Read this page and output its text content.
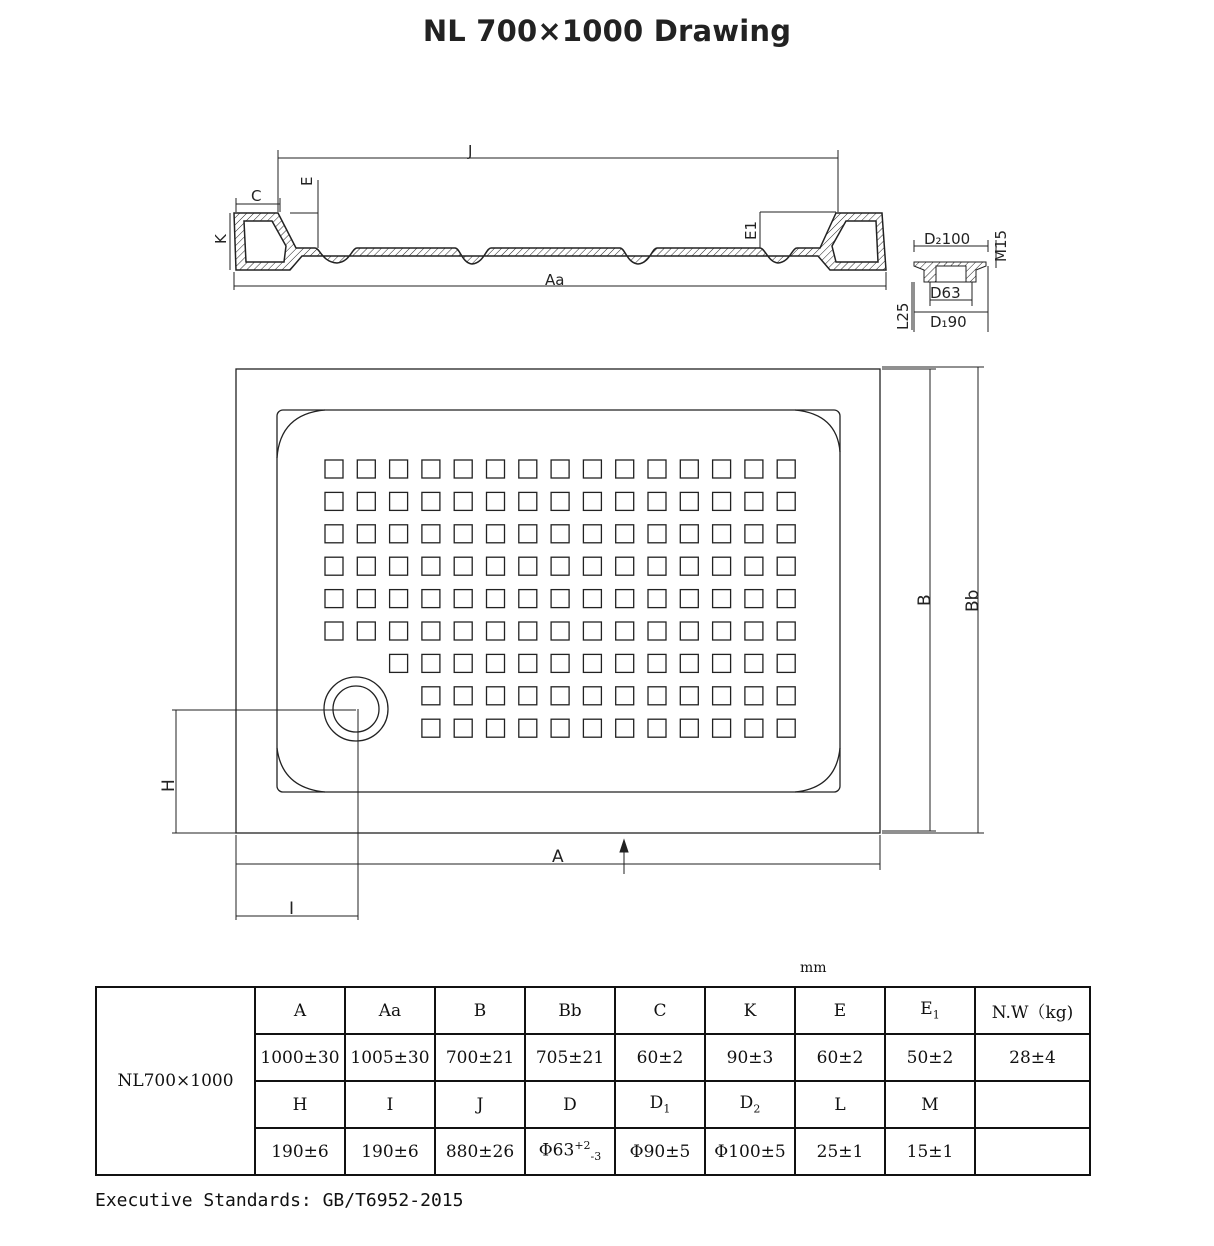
NL 700×1000 Drawing
J
C
E
K	E1
Aa
D₂100 M15
D63
L25 D₁90
B Bb
H
A
I
mm
NL700×1000	A	Aa	B	Bb	C	K	E	$E_1$	N.W（kg)
	1000±30	1005±30	700±21	705±21	60±2	90±3	60±2	50±2	28±4
	H	I	J	D	$D_1$	$D_2$	L	M	
	190±6	190±6	880±26	$\Phi 63^{+2}_{-3}$	Φ90±5	Φ100±5	25±1	15±1	
Executive Standards: GB/T6952-2015
